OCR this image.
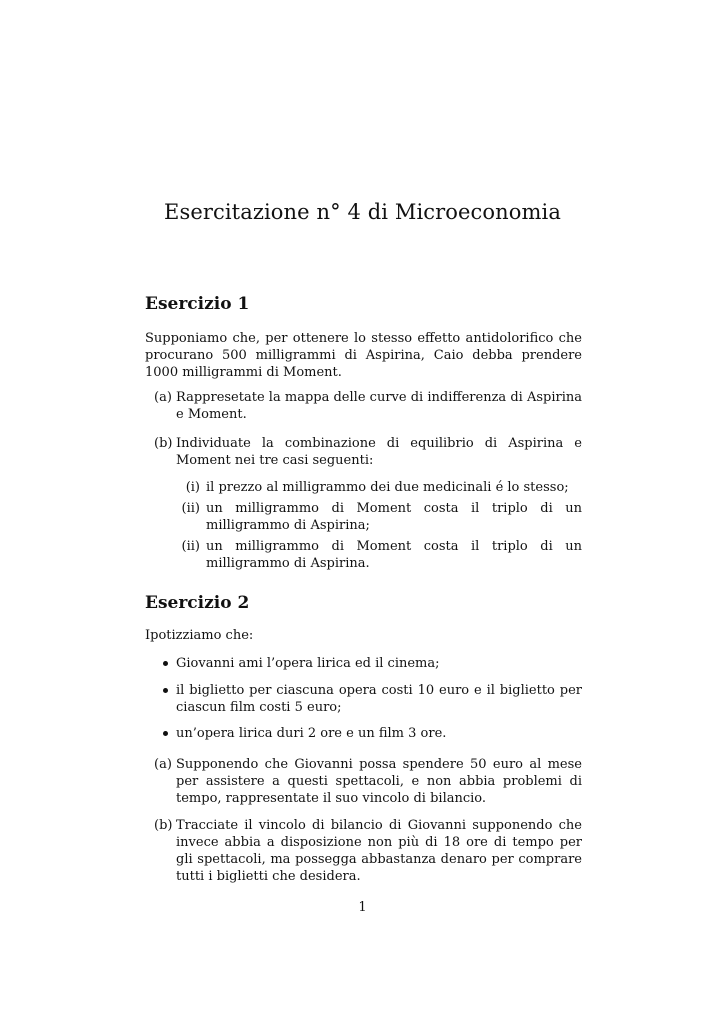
Esercitazione n° 4 di Microeconomia
Esercizio 1

Supponiamo che, per ottenere lo stesso effetto antidolorifico che procurano 500 milligrammi di Aspirina, Caio debba prendere 1000 milligrammi di Moment.

(a) Rappresetate la mappa delle curve di indifferenza di Aspirina e Moment.
(b) Individuate la combinazione di equilibrio di Aspirina e Moment nei tre casi seguenti:
(i) il prezzo al milligrammo dei due medicinali é lo stesso;
(ii) un milligrammo di Moment costa il triplo di un milligrammo di Aspirina;
(ii) un milligrammo di Moment costa il triplo di un milligrammo di Aspirina.
Esercizio 2

Ipotizziamo che:

Giovanni ami l’opera lirica ed il cinema;
il biglietto per ciascuna opera costi 10 euro e il biglietto per ciascun film costi 5 euro;
un’opera lirica duri 2 ore e un film 3 ore.
(a) Supponendo che Giovanni possa spendere 50 euro al mese per assistere a questi spettacoli, e non abbia problemi di tempo, rappresentate il suo vincolo di bilancio.
(b) Tracciate il vincolo di bilancio di Giovanni supponendo che invece abbia a disposizione non più di 18 ore di tempo per gli spettacoli, ma possegga abbastanza denaro per comprare tutti i biglietti che desidera.
1
